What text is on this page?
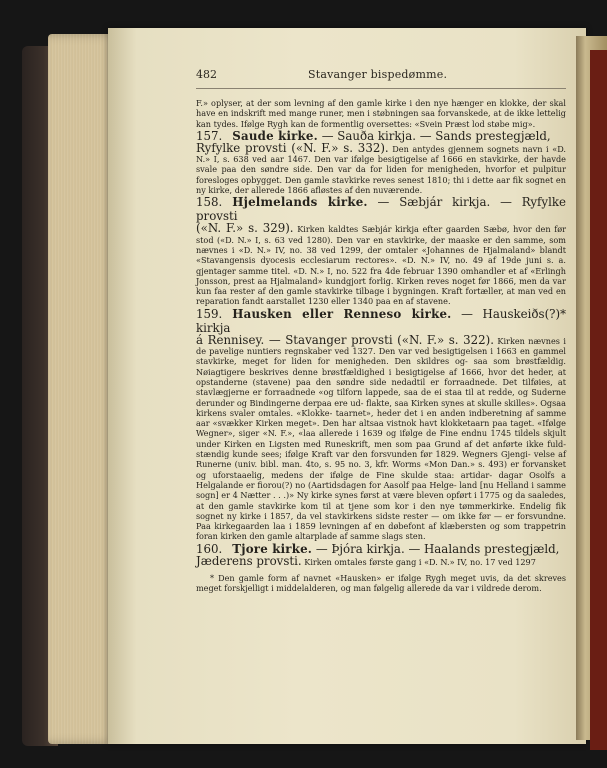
482	Stavanger bispedømme.

F.» oplyser, at der som levning af den gamle kirke i den nye hænger en klokke, der skal have en indskrift med mange runer, men i støbningen saa forvanskede, at de ikke lettelig kan tydes. Ifølge Rygh kan de formentlig oversettes: «Svein Præst lod støbe mig».

157. Saude kirke. — Sauða kirkja. — Sands prestegjæld,

Ryfylke provsti («N. F.» s. 332). Den antydes gjennem sognets navn i «D. N.» I, s. 638 ved aar 1467. Den var ifølge besigtigelse af 1666 en stavkirke, der havde svale paa den søndre side. Den var da for liden for menigheden, hvorfor et pulpitur foresloges opbygget. Den gamle stavkirke reves senest 1810; thi i dette aar fik sognet en ny kirke, der allerede 1866 afløstes af den nuværende.

158. Hjelmelands kirke. — Sæbjár kirkja. — Ryfylke provsti

(«N. F.» s. 329). Kirken kaldtes Sæbjár kirkja efter gaarden Sæbø, hvor den før stod («D. N.» I, s. 63 ved 1280). Den var en stavkirke, der maaske er den samme, som nævnes i «D. N.» IV, no. 38 ved 1299, der omtaler «Johannes de Hjalmaland» blandt «Stavangensis dyocesis ecclesiarum rectores». «D. N.» IV, no. 49 af 19de juni s. a. gjentager samme titel. «D. N.» I, no. 522 fra 4de februar 1390 omhandler et af «Erlingh Jonsson, prest aa Hjalmaland» kundgjort forlig. Kirken reves noget før 1866, men da var kun faa rester af den gamle stavkirke tilbage i bygningen. Kraft fortæller, at man ved en reparation fandt aarstallet 1230 eller 1340 paa en af stavene.

159. Hausken eller Renneso kirke. — Hauskeiðs(?)* kirkja

á Rennisey. — Stavanger provsti («N. F.» s. 322). Kirken nævnes i de pavelige nuntiers regnskaber ved 1327. Den var ved besigtigelsen i 1663 en gammel stavkirke, meget for liden for menigheden. Den skildres og- saa som brøstfældig. Nøiagtigere beskrives denne brøstfældighed i besigtigelse af 1666, hvor det heder, at opstanderne (stavene) paa den søndre side nedadtil er forraadnede. Det tilføies, at stavlægjerne er forraadnede «og tilforn lappede, saa de ei staa til at redde, og Suderne derunder og Bindingerne derpaa ere ud- flakte, saa Kirken synes at skulle skilles». Ogsaa kirkens svaler omtales. «Klokke- taarnet», heder det i en anden indberetning af samme aar «svækker Kirken meget». Den har altsaa vistnok havt klokketaarn paa taget. «Ifølge Wegner», siger «N. F.», «laa allerede i 1639 og ifølge de Fine endnu 1745 tildels skjult under Kirken en Ligsten med Runeskrift, men som paa Grund af det anførte ikke fuld- stændig kunde sees; ifølge Kraft var den forsvunden før 1829. Wegners Gjengi- velse af Runerne (univ. bibl. man. 4to, s. 95 no. 3, kfr. Worms «Mon Dan.» s. 493) er forvansket og uforstaaelig, medens der ifølge de Fine skulde staa: artidar- dagar Osolfs a Helgalande er fiorou(?) no (Aartidsdagen for Aasolf paa Helge- land [nu Helland i samme sogn] er 4 Nætter . . .)» Ny kirke synes først at være bleven opført i 1775 og da saaledes, at den gamle stavkirke kom til at tjene som kor i den nye tømmerkirke. Endelig fik sognet ny kirke i 1857, da vel stavkirkens sidste rester — om ikke før — er forsvundne. Paa kirkegaarden laa i 1859 levningen af en døbefont af klæbersten og som trappetrin foran kirken den gamle altarplade af samme slags sten.

160. Tjore kirke. — Þjóra kirkja. — Haalands prestegjæld,

Jæderens provsti. Kirken omtales første gang i «D. N.» IV, no. 17 ved 1297

* Den gamle form af navnet «Hausken» er ifølge Rygh meget uvis, da det skreves meget forskjelligt i middelalderen, og man følgelig allerede da var i vildrede derom.
